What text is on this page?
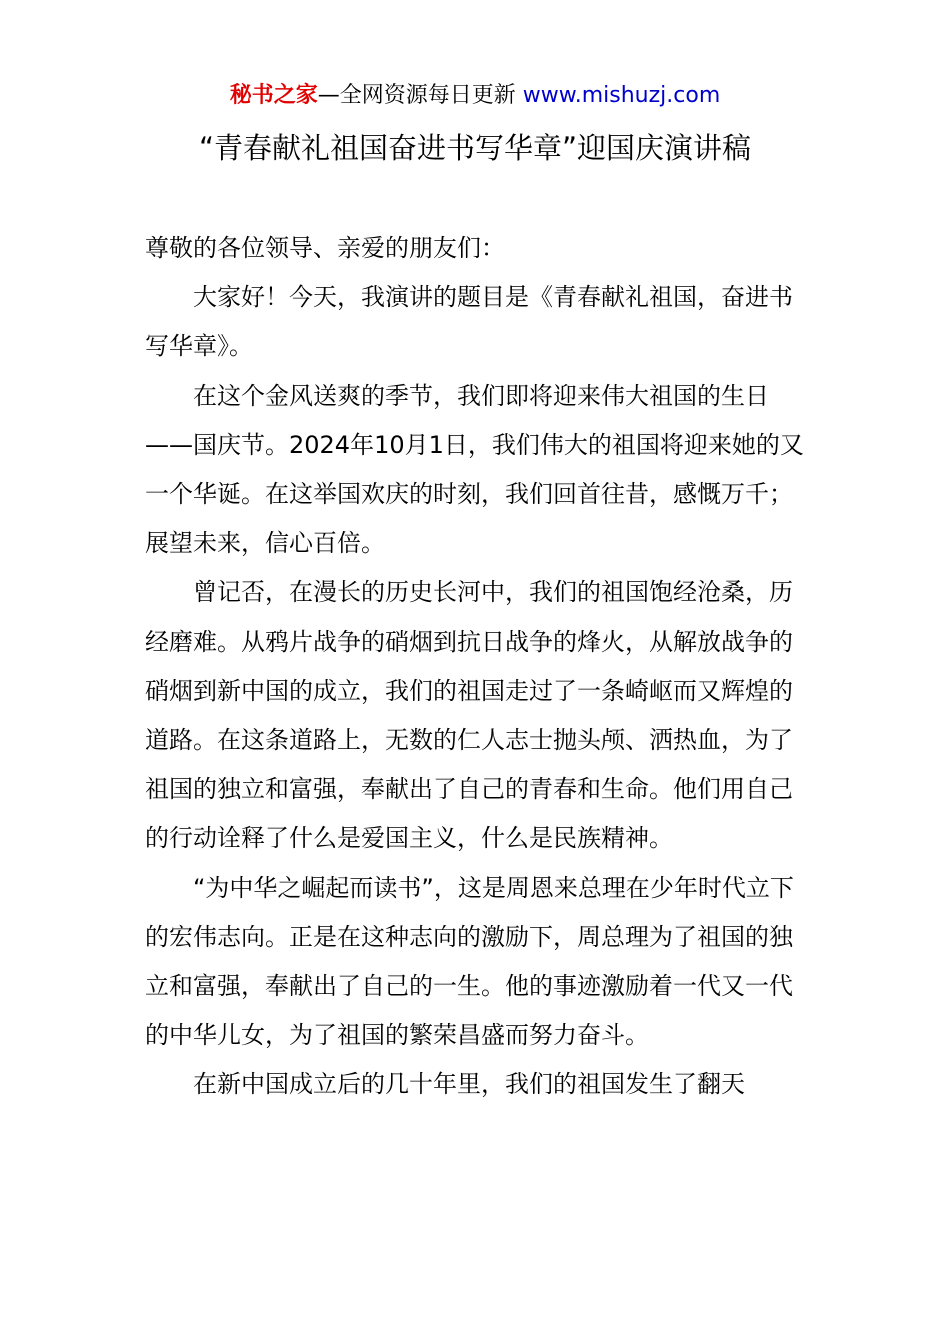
秘书之家—全网资源每日更新 www.mishuzj.com
“青春献礼祖国奋进书写华章”迎国庆演讲稿

尊敬的各位领导、亲爱的朋友们：

大家好！今天，我演讲的题目是《青春献礼祖国，奋进书写华章》。

在这个金风送爽的季节，我们即将迎来伟大祖国的生日——国庆节。2024年10月1日，我们伟大的祖国将迎来她的又一个华诞。在这举国欢庆的时刻，我们回首往昔，感慨万千；展望未来，信心百倍。

曾记否，在漫长的历史长河中，我们的祖国饱经沧桑，历经磨难。从鸦片战争的硝烟到抗日战争的烽火，从解放战争的硝烟到新中国的成立，我们的祖国走过了一条崎岖而又辉煌的道路。在这条道路上，无数的仁人志士抛头颅、洒热血，为了祖国的独立和富强，奉献出了自己的青春和生命。他们用自己的行动诠释了什么是爱国主义，什么是民族精神。

“为中华之崛起而读书”，这是周恩来总理在少年时代立下的宏伟志向。正是在这种志向的激励下，周总理为了祖国的独立和富强，奉献出了自己的一生。他的事迹激励着一代又一代的中华儿女，为了祖国的繁荣昌盛而努力奋斗。

在新中国成立后的几十年里，我们的祖国发生了翻天
